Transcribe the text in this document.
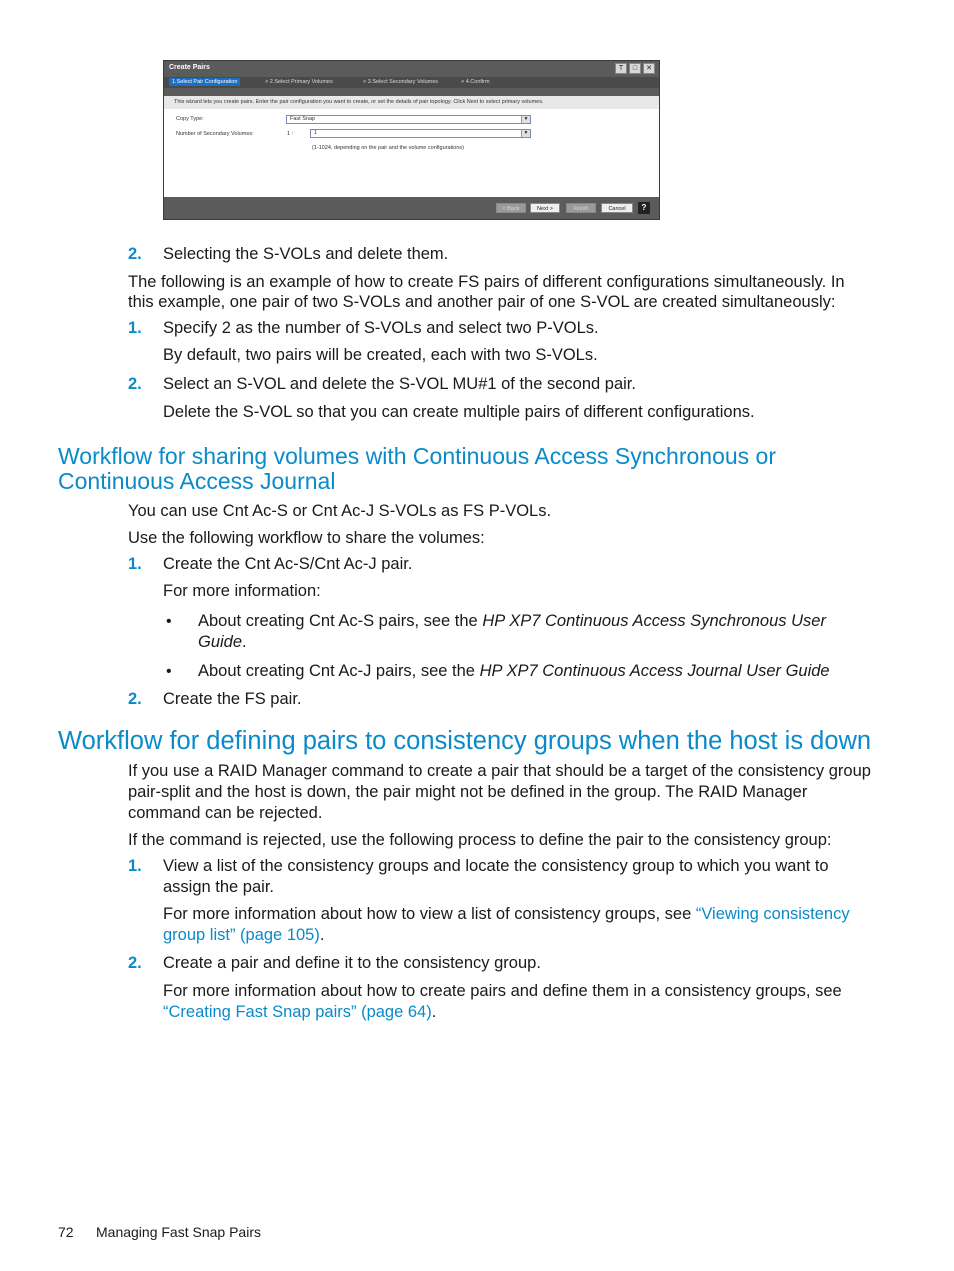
Create Pairs	T	□	✕
1.Select Pair Configuration	> 2.Select Primary Volumes	> 3.Select Secondary Volumes	> 4.Confirm
This wizard lets you create pairs. Enter the pair configuration you want to create, or set the details of pair topology. Click Next to select primary volumes.
Copy Type:	Fast Snap	▼
Number of Secondary Volumes:	1 :	1	▼
(1-1024, depending on the pair and the volume configurations)
< Back	Next >	Finish	Cancel	?
2. Selecting the S-VOLs and delete them.
The following is an example of how to create FS pairs of different configurations simultaneously. In this example, one pair of two S-VOLs and another pair of one S-VOL are created simultaneously:
1. Specify 2 as the number of S-VOLs and select two P-VOLs.
By default, two pairs will be created, each with two S-VOLs.
2. Select an S-VOL and delete the S-VOL MU#1 of the second pair.
Delete the S-VOL so that you can create multiple pairs of different configurations.
Workflow for sharing volumes with Continuous Access Synchronous or Continuous Access Journal
You can use Cnt Ac-S or Cnt Ac-J S-VOLs as FS P-VOLs.
Use the following workflow to share the volumes:
1. Create the Cnt Ac-S/Cnt Ac-J pair.
For more information:
• About creating Cnt Ac-S pairs, see the HP XP7 Continuous Access Synchronous User Guide.
• About creating Cnt Ac-J pairs, see the HP XP7 Continuous Access Journal User Guide
2. Create the FS pair.
Workflow for defining pairs to consistency groups when the host is down
If you use a RAID Manager command to create a pair that should be a target of the consistency group pair-split and the host is down, the pair might not be defined in the group. The RAID Manager command can be rejected.
If the command is rejected, use the following process to define the pair to the consistency group:
1. View a list of the consistency groups and locate the consistency group to which you want to assign the pair.
For more information about how to view a list of consistency groups, see “Viewing consistency group list” (page 105).
2. Create a pair and define it to the consistency group.
For more information about how to create pairs and define them in a consistency groups, see “Creating Fast Snap pairs” (page 64).
72 Managing Fast Snap Pairs
